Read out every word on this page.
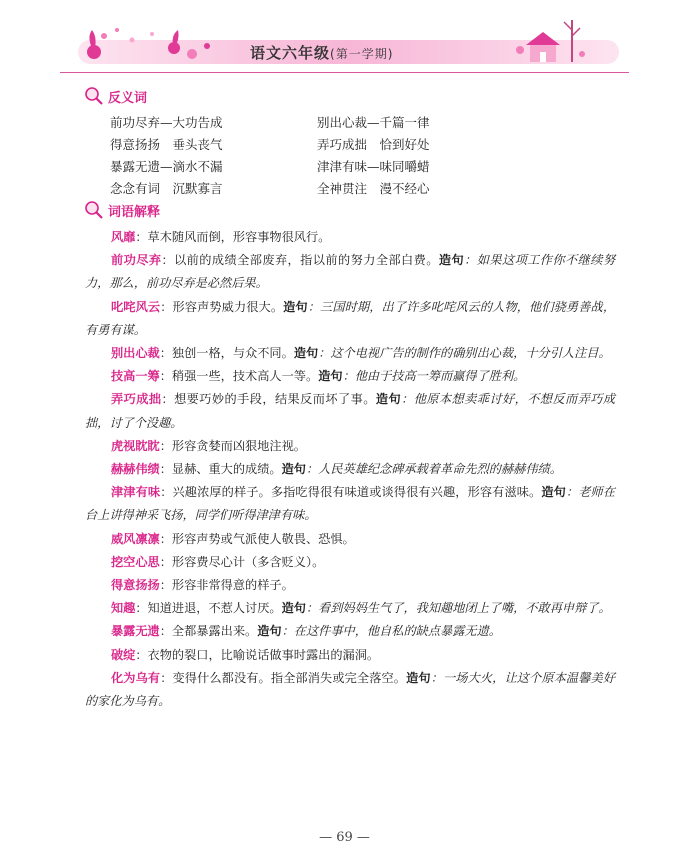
语文六年级(第一学期)
反义词
前功尽弃—大功告成	别出心裁—千篇一律
得意扬扬　垂头丧气	弄巧成拙　恰到好处
暴露无遗—滴水不漏	津津有味—味同嚼蜡
念念有词　沉默寡言	全神贯注　漫不经心
词语解释
风靡：草木随风而倒，形容事物很风行。
前功尽弃：以前的成绩全部废弃，指以前的努力全部白费。造句：如果这项工作你不继续努力，那么，前功尽弃是必然后果。
叱咤风云：形容声势威力很大。造句：三国时期，出了许多叱咤风云的人物，他们骁勇善战，有勇有谋。
别出心裁：独创一格，与众不同。造句：这个电视广告的制作的确别出心裁，十分引人注目。
技高一筹：稍强一些，技术高人一等。造句：他由于技高一筹而赢得了胜利。
弄巧成拙：想要巧妙的手段，结果反而坏了事。造句：他原本想卖乖讨好，不想反而弄巧成拙，讨了个没趣。
虎视眈眈：形容贪婪而凶狠地注视。
赫赫伟绩：显赫、重大的成绩。造句：人民英雄纪念碑承载着革命先烈的赫赫伟绩。
津津有味：兴趣浓厚的样子。多指吃得很有味道或谈得很有兴趣，形容有滋味。造句：老师在台上讲得神采飞扬，同学们听得津津有味。
威风凛凛：形容声势或气派使人敬畏、恐惧。
挖空心思：形容费尽心计（多含贬义）。
得意扬扬：形容非常得意的样子。
知趣：知道进退，不惹人讨厌。造句：看到妈妈生气了，我知趣地闭上了嘴，不敢再申辩了。
暴露无遗：全都暴露出来。造句：在这件事中，他自私的缺点暴露无遗。
破绽：衣物的裂口，比喻说话做事时露出的漏洞。
化为乌有：变得什么都没有。指全部消失或完全落空。造句：一场大火，让这个原本温馨美好的家化为乌有。
— 69 —
